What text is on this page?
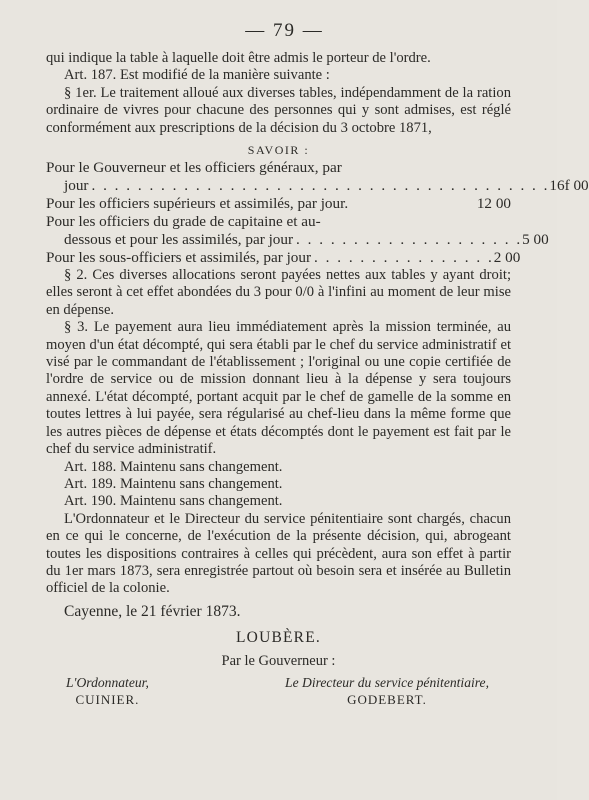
— 79 —

qui indique la table à laquelle doit être admis le porteur de l'ordre.

Art. 187. Est modifié de la manière suivante :

§ 1er. Le traitement alloué aux diverses tables, indépendamment de la ration ordinaire de vivres pour chacune des personnes qui y sont admises, est réglé conformément aux prescriptions de la décision du 3 octobre 1871,

SAVOIR :
Pour le Gouverneur et les officiers généraux, par
jour . . . . . . . . . . . . . . . . . . . . . . . . . . . . . . . . . . . . . . . . 16f 00
Pour les officiers supérieurs et assimilés, par jour.	12 00
Pour les officiers du grade de capitaine et au-
dessous et pour les assimilés, par jour . . . . . . . . . . . . . . . . . . . . 5 00
Pour les sous-officiers et assimilés, par jour . . . . . . . . . . . . . . . . 2 00

§ 2. Ces diverses allocations seront payées nettes aux tables y ayant droit; elles seront à cet effet abondées du 3 pour 0/0 à l'infini au moment de leur mise en dépense.

§ 3. Le payement aura lieu immédiatement après la mission terminée, au moyen d'un état décompté, qui sera établi par le chef du service administratif et visé par le commandant de l'établissement ; l'original ou une copie certifiée de l'ordre de service ou de mission donnant lieu à la dépense y sera toujours annexé. L'état décompté, portant acquit par le chef de gamelle de la somme en toutes lettres à lui payée, sera régularisé au chef-lieu dans la même forme que les autres pièces de dépense et états décomptés dont le payement est fait par le chef du service administratif.

Art. 188. Maintenu sans changement.

Art. 189. Maintenu sans changement.

Art. 190. Maintenu sans changement.

L'Ordonnateur et le Directeur du service pénitentiaire sont chargés, chacun en ce qui le concerne, de l'exécution de la présente décision, qui, abrogeant toutes les dispositions contraires à celles qui précèdent, aura son effet à partir du 1er mars 1873, sera enregistrée partout où besoin sera et insérée au Bulletin officiel de la colonie.

Cayenne, le 21 février 1873.
LOUBÈRE.
Par le Gouverneur :
L'Ordonnateur,
CUINIER.
Le Directeur du service pénitentiaire,
GODEBERT.
